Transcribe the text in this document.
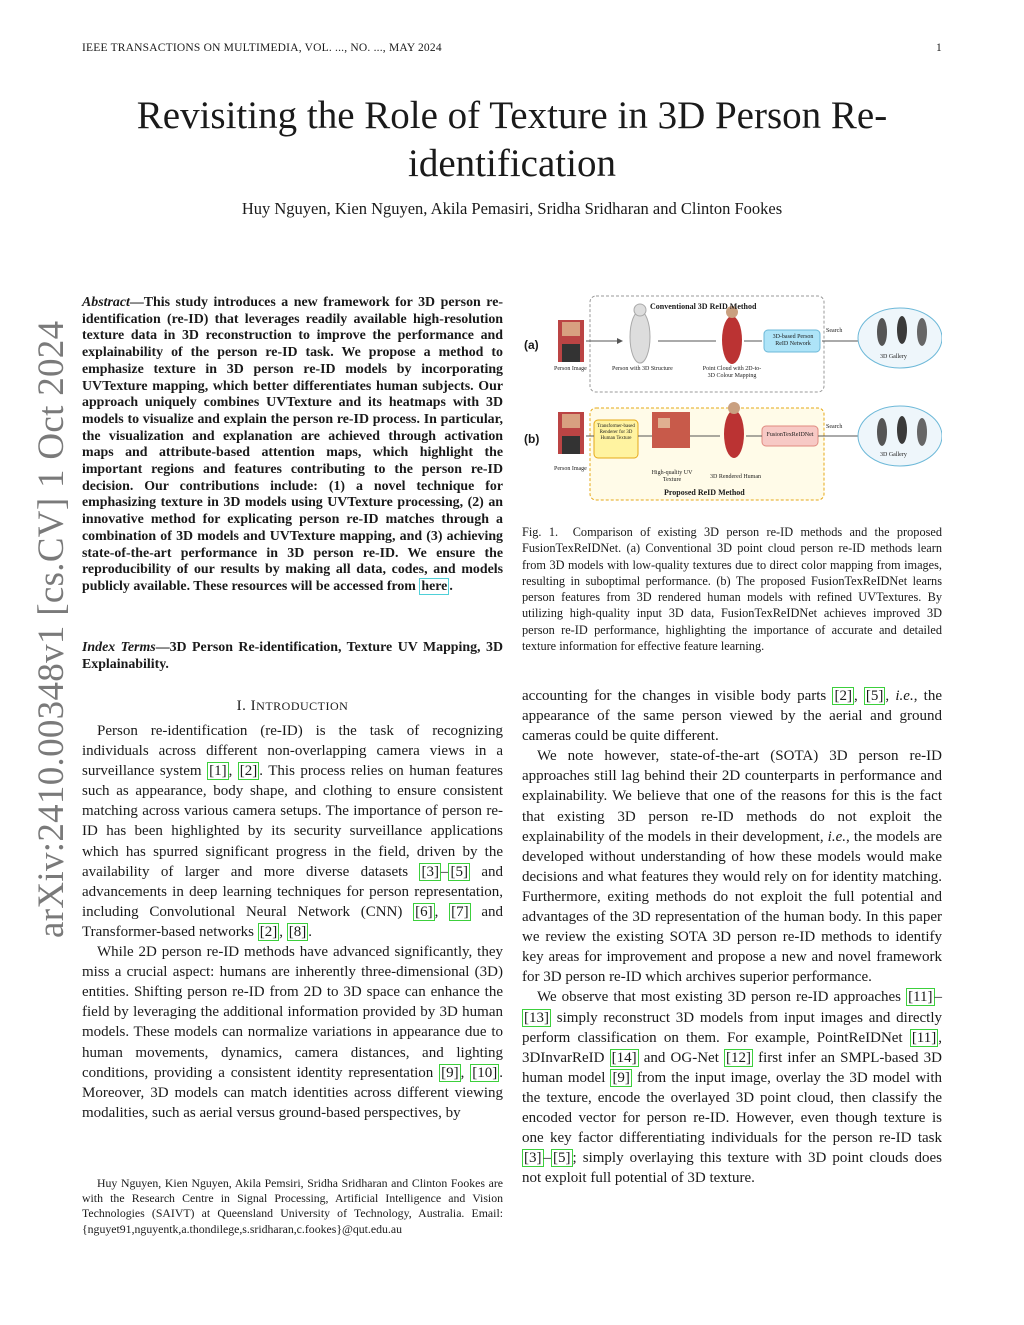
IEEE TRANSACTIONS ON MULTIMEDIA, VOL. ..., NO. ..., MAY 2024	1
Revisiting the Role of Texture in 3D Person Re-identification
Huy Nguyen, Kien Nguyen, Akila Pemasiri, Sridha Sridharan and Clinton Fookes
arXiv:2410.00348v1 [cs.CV] 1 Oct 2024
Abstract—This study introduces a new framework for 3D person re-identification (re-ID) that leverages readily available high-resolution texture data in 3D reconstruction to improve the performance and explainability of the person re-ID task. We propose a method to emphasize texture in 3D person re-ID models by incorporating UVTexture mapping, which better differentiates human subjects. Our approach uniquely combines UVTexture and its heatmaps with 3D models to visualize and explain the person re-ID process. In particular, the visualization and explanation are achieved through activation maps and attribute-based attention maps, which highlight the important regions and features contributing to the person re-ID decision. Our contributions include: (1) a novel technique for emphasizing texture in 3D models using UVTexture processing, (2) an innovative method for explicating person re-ID matches through a combination of 3D models and UVTexture mapping, and (3) achieving state-of-the-art performance in 3D person re-ID. We ensure the reproducibility of our results by making all data, codes, and models publicly available. These resources will be accessed from here .
Index Terms—3D Person Re-identification, Texture UV Mapping, 3D Explainability.
I. INTRODUCTION

Person re-identification (re-ID) is the task of recognizing individuals across different non-overlapping camera views in a surveillance system [1] , [2] . This process relies on human features such as appearance, body shape, and clothing to ensure consistent matching across various camera setups. The importance of person re-ID has been highlighted by its security surveillance applications which has spurred significant progress in the field, driven by the availability of larger and more diverse datasets [3] – [5] and advancements in deep learning techniques for person representation, including Convolutional Neural Network (CNN) [6] , [7] and Transformer-based networks [2] , [8] .

While 2D person re-ID methods have advanced significantly, they miss a crucial aspect: humans are inherently three-dimensional (3D) entities. Shifting person re-ID from 2D to 3D space can enhance the field by leveraging the additional information provided by 3D human models. These models can normalize variations in appearance due to human movements, dynamics, camera distances, and lighting conditions, providing a consistent identity representation [9] , [10] . Moreover, 3D models can match identities across different viewing modalities, such as aerial versus ground-based perspectives, by

Huy Nguyen, Kien Nguyen, Akila Pemsiri, Sridha Sridharan and Clinton Fookes are with the Research Centre in Signal Processing, Artificial Intelligence and Vision Technologies (SAIVT) at Queensland University of Technology, Australia. Email: {nguyet91,nguyentk,a.thondilege,s.sridharan,c.fookes}@qut.edu.au

(a)
(b)
Conventional 3D ReID Method
Proposed ReID Method
Person Image
Person Image
Person with 3D Structure	Point Cloud with 2D-to-3D Colour Mapping
3D-based Person ReID Network
Search
Search
3D Gallery
3D Gallery
Transformer-based Renderer for 3D Human Texture
High-quality UV Texture	3D Rendered Human
FusionTexReIDNet
Fig. 1. Comparison of existing 3D person re-ID methods and the proposed FusionTexReIDNet. (a) Conventional 3D point cloud person re-ID methods learn from 3D models with low-quality textures due to direct color mapping from images, resulting in suboptimal performance. (b) The proposed FusionTexReIDNet learns person features from 3D rendered human models with refined UVTextures. By utilizing high-quality input 3D data, FusionTexReIDNet achieves improved 3D person re-ID performance, highlighting the importance of accurate and detailed texture information for effective feature learning.

accounting for the changes in visible body parts [2] , [5] , i.e., the appearance of the same person viewed by the aerial and ground cameras could be quite different.

We note however, state-of-the-art (SOTA) 3D person re-ID approaches still lag behind their 2D counterparts in performance and explainability. We believe that one of the reasons for this is the fact that existing 3D person re-ID methods do not exploit the explainability of the models in their development, i.e., the models are developed without understanding of how these models would make decisions and what features they would rely on for identity matching. Furthermore, exiting methods do not exploit the full potential and advantages of the 3D representation of the human body. In this paper we review the existing SOTA 3D person re-ID methods to identify key areas for improvement and propose a new and novel framework for 3D person re-ID which archives superior performance.

We observe that most existing 3D person re-ID approaches [11] –[13] simply reconstruct 3D models from input images and directly perform classification on them. For example, PointReIDNet [11] , 3DInvarReID [14] and OG-Net [12] first infer an SMPL-based 3D human model [9] from the input image, overlay the 3D model with the texture, encode the overlayed 3D point cloud, then classify the encoded vector for person re-ID. However, even though texture is one key factor differentiating individuals for the person re-ID task [3] – [5] ; simply overlaying this texture with 3D point clouds does not exploit full potential of 3D texture.
